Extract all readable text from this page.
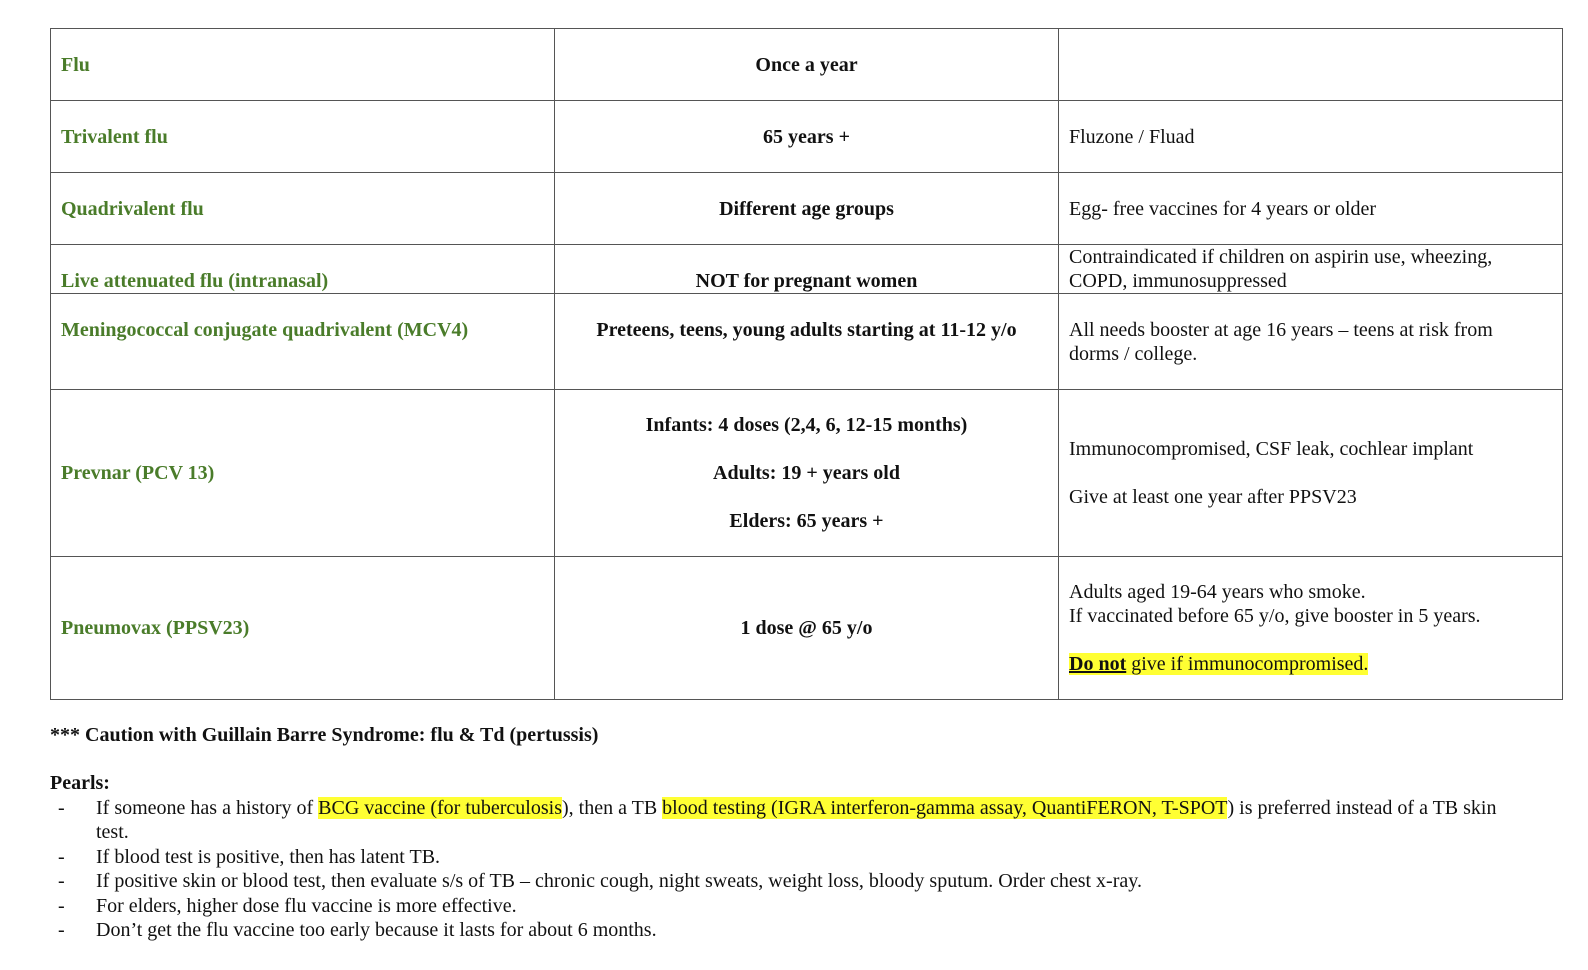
Flu	Once a year	
Trivalent flu	65 years +	Fluzone / Fluad
Quadrivalent flu	Different age groups	Egg- free vaccines for 4 years or older
Live attenuated flu (intranasal)	NOT for pregnant women	Contraindicated if children on aspirin use, wheezing,
COPD, immunosuppressed

Meningococcal conjugate quadrivalent (MCV4)	Preteens, teens, young adults starting at 11-12 y/o	All needs booster at age 16 years – teens at risk from
dorms / college.

Prevnar (PCV 13)	Infants: 4 doses (2,4, 6, 12-15 months)
Adults: 19 + years old
Elders: 65 years +	Immunocompromised, CSF leak, cochlear implant
Give at least one year after PPSV23

Pneumovax (PPSV23)	1 dose @ 65 y/o	Adults aged 19-64 years who smoke.
If vaccinated before 65 y/o, give booster in 5 years.
Do not give if immunocompromised.
*** Caution with Guillain Barre Syndrome: flu & Td (pertussis)
Pearls:
- If someone has a history of BCG vaccine (for tuberculosis), then a TB blood testing (IGRA interferon-gamma assay, QuantiFERON, T-SPOT) is preferred instead of a TB skin test.
- If blood test is positive, then has latent TB.
- If positive skin or blood test, then evaluate s/s of TB – chronic cough, night sweats, weight loss, bloody sputum. Order chest x-ray.
- For elders, higher dose flu vaccine is more effective.
- Don’t get the flu vaccine too early because it lasts for about 6 months.
